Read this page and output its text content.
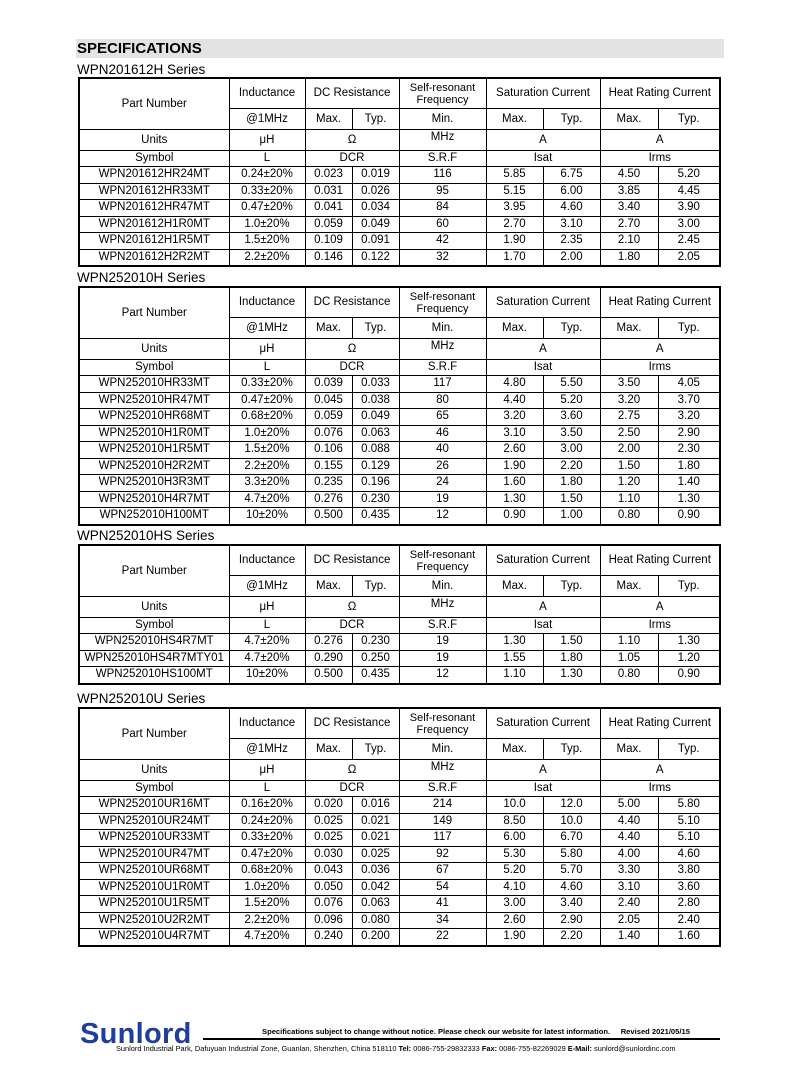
SPECIFICATIONS
WPN201612H Series
Part Number	Inductance	DC Resistance		Self-resonant Frequency	Saturation Current		Heat Rating Current	
	@1MHz	Max.	Typ.	Min.	Max.	Typ.	Max.	Typ.
Units	μH	Ω		MHz	A		A	
Symbol	L	DCR		S.R.F	Isat		Irms	
WPN201612HR24MT	0.24±20%	0.023	0.019	116	5.85	6.75	4.50	5.20
WPN201612HR33MT	0.33±20%	0.031	0.026	95	5.15	6.00	3.85	4.45
WPN201612HR47MT	0.47±20%	0.041	0.034	84	3.95	4.60	3.40	3.90
WPN201612H1R0MT	1.0±20%	0.059	0.049	60	2.70	3.10	2.70	3.00
WPN201612H1R5MT	1.5±20%	0.109	0.091	42	1.90	2.35	2.10	2.45
WPN201612H2R2MT	2.2±20%	0.146	0.122	32	1.70	2.00	1.80	2.05
WPN252010H Series
Part Number	Inductance	DC Resistance		Self-resonant Frequency	Saturation Current		Heat Rating Current	
	@1MHz	Max.	Typ.	Min.	Max.	Typ.	Max.	Typ.
Units	μH	Ω		MHz	A		A	
Symbol	L	DCR		S.R.F	Isat		Irms	
WPN252010HR33MT	0.33±20%	0.039	0.033	117	4.80	5.50	3.50	4.05
WPN252010HR47MT	0.47±20%	0.045	0.038	80	4.40	5.20	3.20	3.70
WPN252010HR68MT	0.68±20%	0.059	0.049	65	3.20	3.60	2.75	3.20
WPN252010H1R0MT	1.0±20%	0.076	0.063	46	3.10	3.50	2.50	2.90
WPN252010H1R5MT	1.5±20%	0.106	0.088	40	2.60	3.00	2.00	2.30
WPN252010H2R2MT	2.2±20%	0.155	0.129	26	1.90	2.20	1.50	1.80
WPN252010H3R3MT	3.3±20%	0.235	0.196	24	1.60	1.80	1.20	1.40
WPN252010H4R7MT	4.7±20%	0.276	0.230	19	1.30	1.50	1.10	1.30
WPN252010H100MT	10±20%	0.500	0.435	12	0.90	1.00	0.80	0.90
WPN252010HS Series
Part Number	Inductance	DC Resistance		Self-resonant Frequency	Saturation Current		Heat Rating Current	
	@1MHz	Max.	Typ.	Min.	Max.	Typ.	Max.	Typ.
Units	μH	Ω		MHz	A		A	
Symbol	L	DCR		S.R.F	Isat		Irms	
WPN252010HS4R7MT	4.7±20%	0.276	0.230	19	1.30	1.50	1.10	1.30
WPN252010HS4R7MTY01	4.7±20%	0.290	0.250	19	1.55	1.80	1.05	1.20
WPN252010HS100MT	10±20%	0.500	0.435	12	1.10	1.30	0.80	0.90
WPN252010U Series
Part Number	Inductance	DC Resistance		Self-resonant Frequency	Saturation Current		Heat Rating Current	
	@1MHz	Max.	Typ.	Min.	Max.	Typ.	Max.	Typ.
Units	μH	Ω		MHz	A		A	
Symbol	L	DCR		S.R.F	Isat		Irms	
WPN252010UR16MT	0.16±20%	0.020	0.016	214	10.0	12.0	5.00	5.80
WPN252010UR24MT	0.24±20%	0.025	0.021	149	8.50	10.0	4.40	5.10
WPN252010UR33MT	0.33±20%	0.025	0.021	117	6.00	6.70	4.40	5.10
WPN252010UR47MT	0.47±20%	0.030	0.025	92	5.30	5.80	4.00	4.60
WPN252010UR68MT	0.68±20%	0.043	0.036	67	5.20	5.70	3.30	3.80
WPN252010U1R0MT	1.0±20%	0.050	0.042	54	4.10	4.60	3.10	3.60
WPN252010U1R5MT	1.5±20%	0.076	0.063	41	3.00	3.40	2.40	2.80
WPN252010U2R2MT	2.2±20%	0.096	0.080	34	2.60	2.90	2.05	2.40
WPN252010U4R7MT	4.7±20%	0.240	0.200	22	1.90	2.20	1.40	1.60
Sunlord	Specifications subject to change without notice. Please check our website for latest information. Revised 2021/05/15
Sunlord Industrial Park, Dafuyuan Industrial Zone, Guanlan, Shenzhen, China 518110 Tel: 0086-755-29832333 Fax: 0086-755-82269029 E-Mail: sunlord@sunlordinc.com
